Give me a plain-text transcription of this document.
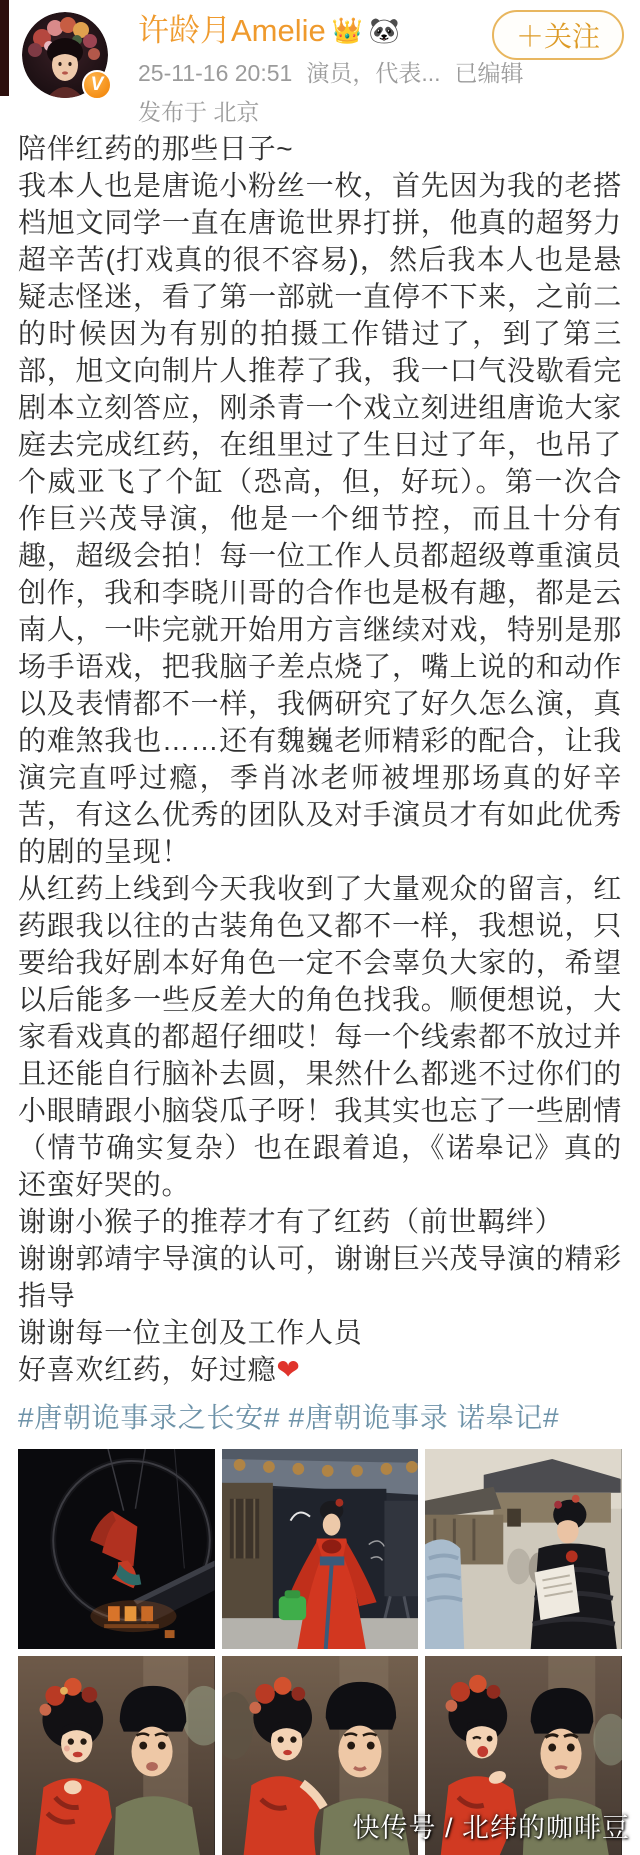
V
许龄月Amelie 👑 🐼
25-11-16 20:51 演员，代表... 已编辑
发布于 北京
＋关注

陪伴红药的那些日子~

我本人也是唐诡小粉丝一枚，首先因为我的老搭档旭文同学一直在唐诡世界打拼，他真的超努力超辛苦(打戏真的很不容易)，然后我本人也是悬疑志怪迷，看了第一部就一直停不下来，之前二的时候因为有别的拍摄工作错过了，到了第三部，旭文向制片人推荐了我，我一口气没歇看完剧本立刻答应，刚杀青一个戏立刻进组唐诡大家庭去完成红药，在组里过了生日过了年，也吊了个威亚飞了个缸（恐高，但，好玩）。第一次合作巨兴茂导演，他是一个细节控，而且十分有趣，超级会拍！每一位工作人员都超级尊重演员创作，我和李晓川哥的合作也是极有趣，都是云南人，一咔完就开始用方言继续对戏，特别是那场手语戏，把我脑子差点烧了，嘴上说的和动作以及表情都不一样，我俩研究了好久怎么演，真的难煞我也……还有魏巍老师精彩的配合，让我演完直呼过瘾，季肖冰老师被埋那场真的好辛苦，有这么优秀的团队及对手演员才有如此优秀的剧的呈现！

从红药上线到今天我收到了大量观众的留言，红药跟我以往的古装角色又都不一样，我想说，只要给我好剧本好角色一定不会辜负大家的，希望以后能多一些反差大的角色找我。顺便想说，大家看戏真的都超仔细哎！每一个线索都不放过并且还能自行脑补去圆，果然什么都逃不过你们的小眼睛跟小脑袋瓜子呀！我其实也忘了一些剧情（情节确实复杂）也在跟着追，《诺皋记》真的还蛮好哭的。

谢谢小猴子的推荐才有了红药（前世羁绊）

谢谢郭靖宇导演的认可，谢谢巨兴茂导演的精彩指导

谢谢每一位主创及工作人员

好喜欢红药，好过瘾❤

#唐朝诡事录之长安# #唐朝诡事录 诺皋记#
快传号 / 北纬的咖啡豆
